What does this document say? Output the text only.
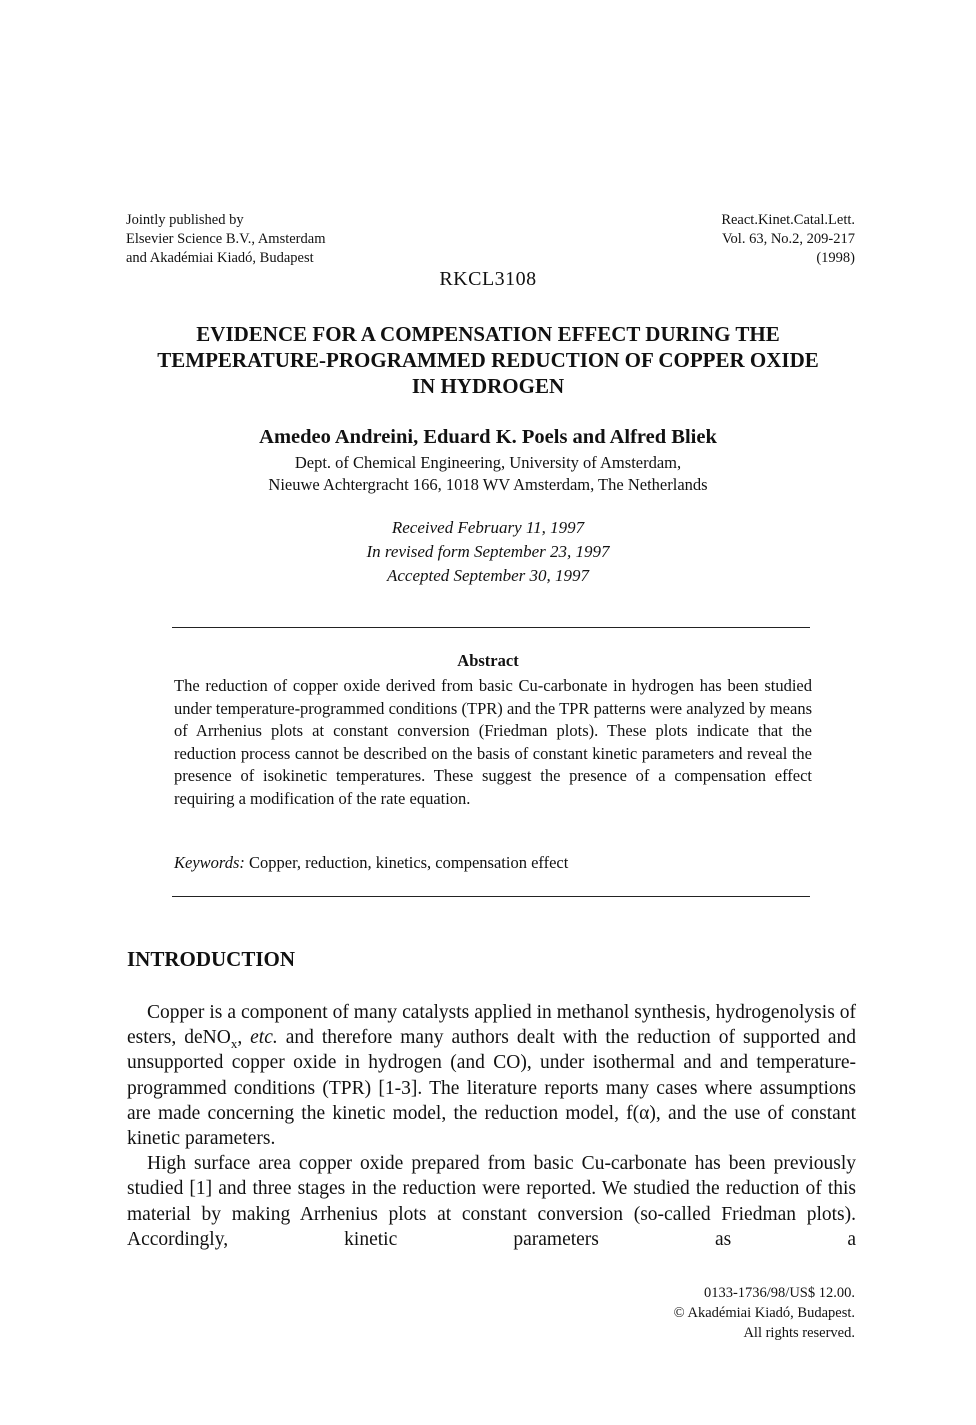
Jointly published by
Elsevier Science B.V., Amsterdam
and Akadémiai Kiadó, Budapest
React.Kinet.Catal.Lett.
Vol. 63, No.2, 209-217
(1998)
RKCL3108
EVIDENCE FOR A COMPENSATION EFFECT DURING THE
TEMPERATURE-PROGRAMMED REDUCTION OF COPPER OXIDE
IN HYDROGEN
Amedeo Andreini, Eduard K. Poels and Alfred Bliek
Dept. of Chemical Engineering, University of Amsterdam,
Nieuwe Achtergracht 166, 1018 WV Amsterdam, The Netherlands
Received February 11, 1997
In revised form September 23, 1997
Accepted September 30, 1997
Abstract
The reduction of copper oxide derived from basic Cu-carbonate in hydrogen has been studied under temperature-programmed conditions (TPR) and the TPR patterns were analyzed by means of Arrhenius plots at constant conversion (Friedman plots). These plots indicate that the reduction process cannot be described on the basis of constant kinetic parameters and reveal the presence of isokinetic temperatures. These suggest the presence of a compensation effect requiring a modification of the rate equation.
Keywords: Copper, reduction, kinetics, compensation effect
INTRODUCTION

Copper is a component of many catalysts applied in methanol synthesis, hydrogenolysis of esters, deNO$_x$, etc. and therefore many authors dealt with the reduction of supported and unsupported copper oxide in hydrogen (and CO), under isothermal and and temperature-programmed conditions (TPR) [1-3]. The literature reports many cases where assumptions are made concerning the kinetic model, the reduction model, f(α), and the use of constant kinetic parameters.

High surface area copper oxide prepared from basic Cu-carbonate has been previously studied [1] and three stages in the reduction were reported. We studied the reduction of this material by making Arrhenius plots at constant conversion (so-called Friedman plots). Accordingly, kinetic parameters as a

0133-1736/98/US$ 12.00.
© Akadémiai Kiadó, Budapest.
All rights reserved.
